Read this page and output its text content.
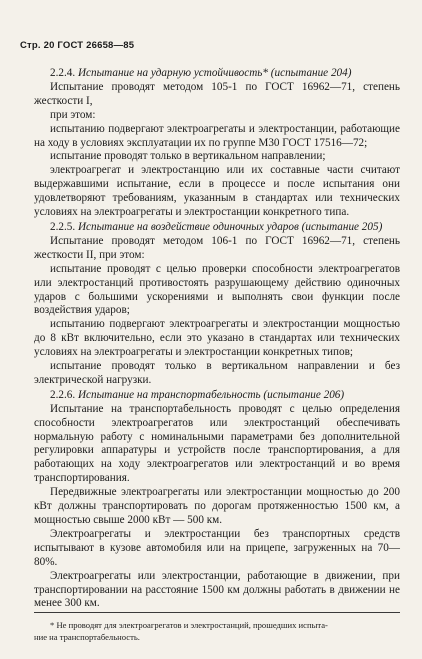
Стр. 20 ГОСТ 26658—85

2.2.4. Испытание на ударную устойчивость* (испытание 204)

Испытание проводят методом 105-1 по ГОСТ 16962—71, степень жесткости I,

при этом:

испытанию подвергают электроагрегаты и электростанции, работающие на ходу в условиях эксплуатации их по группе М30 ГОСТ 17516—72;

испытание проводят только в вертикальном направлении;

электроагрегат и электростанцию или их составные части считают выдержавшими испытание, если в процессе и после испытания они удовлетворяют требованиям, указанным в стандартах или технических условиях на электроагрегаты и электростанции конкретного типа.

2.2.5. Испытание на воздействие одиночных ударов (испытание 205)

Испытание проводят методом 106-1 по ГОСТ 16962—71, степень жесткости II, при этом:

испытание проводят с целью проверки способности электроагрегатов или электростанций противостоять разрушающему действию одиночных ударов с большими ускорениями и выполнять свои функции после воздействия ударов;

испытанию подвергают электроагрегаты и электростанции мощностью до 8 кВт включительно, если это указано в стандартах или технических условиях на электроагрегаты и электростанции конкретных типов;

испытание проводят только в вертикальном направлении и без электрической нагрузки.

2.2.6. Испытание на транспортабельность (испытание 206)

Испытание на транспортабельность проводят с целью определения способности электроагрегатов или электростанций обеспечивать нормальную работу с номинальными параметрами без дополнительной регулировки аппаратуры и устройств после транспортирования, а для работающих на ходу электроагрегатов или электростанций и во время транспортирования.

Передвижные электроагрегаты или электростанции мощностью до 200 кВт должны транспортировать по дорогам протяженностью 1500 км, а мощностью свыше 2000 кВт — 500 км.

Электроагрегаты и электростанции без транспортных средств испытывают в кузове автомобиля или на прицепе, загруженных на 70—80%.

Электроагрегаты или электростанции, работающие в движении, при транспортировании на расстояние 1500 км должны работать в движении не менее 300 км.

* Не проводят для электроагрегатов и электростанций, прошедших испыта-
ние на транспортабельность.
